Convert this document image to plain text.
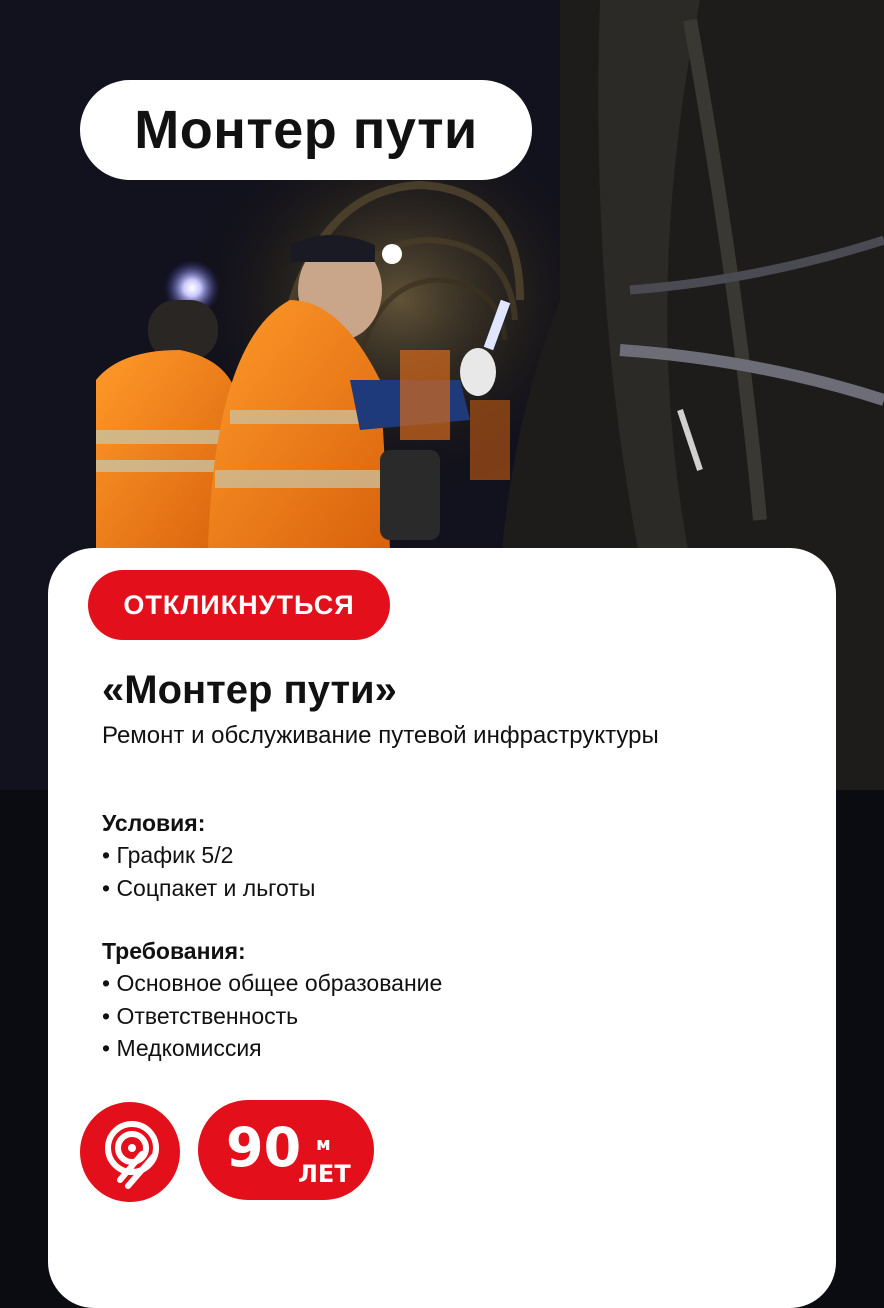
Монтер пути
ОТКЛИКНУТЬСЯ
«Монтер пути»
Ремонт и обслуживание путевой инфраструктуры
Условия:
• График 5/2
• Соцпакет и льготы
Требования:
• Основное общее образование
• Ответственность
• Медкомиссия
90 м
ЛЕТ
